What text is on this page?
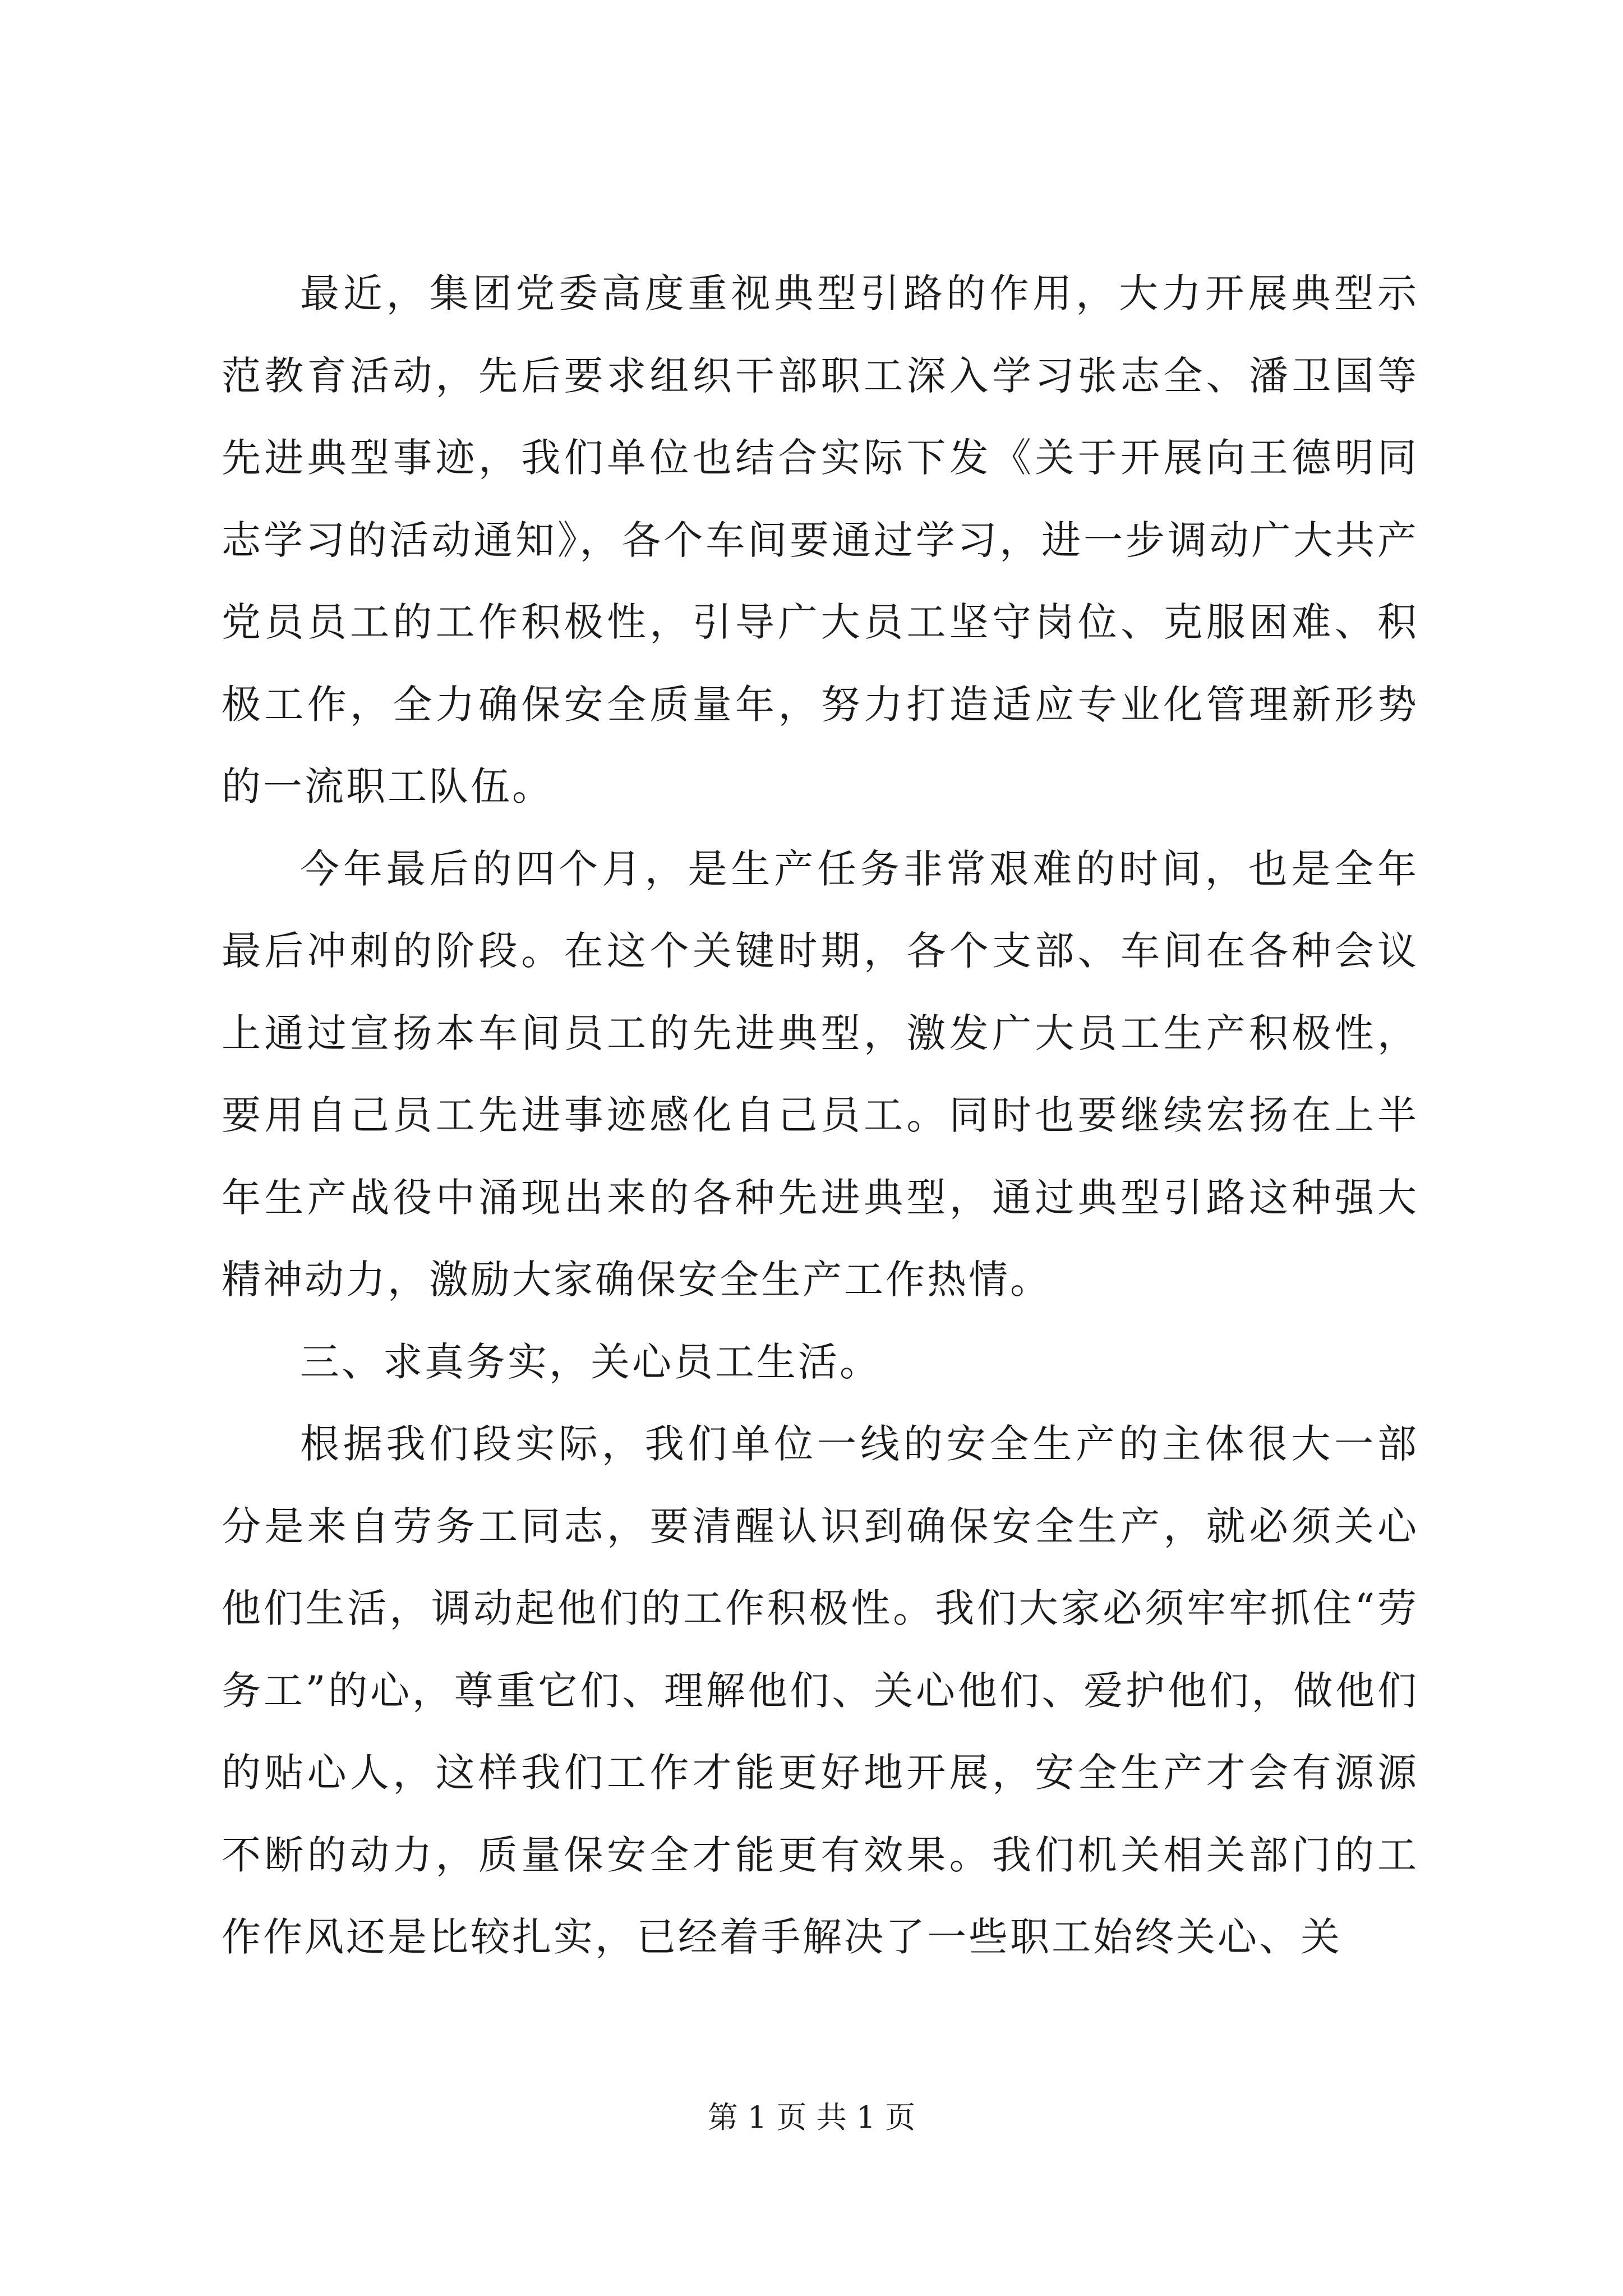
最近，集团党委高度重视典型引路的作用，大力开展典型示范教育活动，先后要求组织干部职工深入学习张志全、潘卫国等先进典型事迹，我们单位也结合实际下发《关于开展向王德明同志学习的活动通知》，各个车间要通过学习，进一步调动广大共产党员员工的工作积极性，引导广大员工坚守岗位、克服困难、积极工作，全力确保安全质量年，努力打造适应专业化管理新形势的一流职工队伍。

今年最后的四个月，是生产任务非常艰难的时间，也是全年最后冲刺的阶段。在这个关键时期，各个支部、车间在各种会议上通过宣扬本车间员工的先进典型，激发广大员工生产积极性，要用自己员工先进事迹感化自己员工。同时也要继续宏扬在上半年生产战役中涌现出来的各种先进典型，通过典型引路这种强大精神动力，激励大家确保安全生产工作热情。

三、求真务实，关心员工生活。

根据我们段实际，我们单位一线的安全生产的主体很大一部分是来自劳务工同志，要清醒认识到确保安全生产，就必须关心他们生活，调动起他们的工作积极性。我们大家必须牢牢抓住“劳务工”的心，尊重它们、理解他们、关心他们、爱护他们，做他们的贴心人，这样我们工作才能更好地开展，安全生产才会有源源不断的动力，质量保安全才能更有效果。我们机关相关部门的工作作风还是比较扎实，已经着手解决了一些职工始终关心、关

第 1 页 共 1 页
